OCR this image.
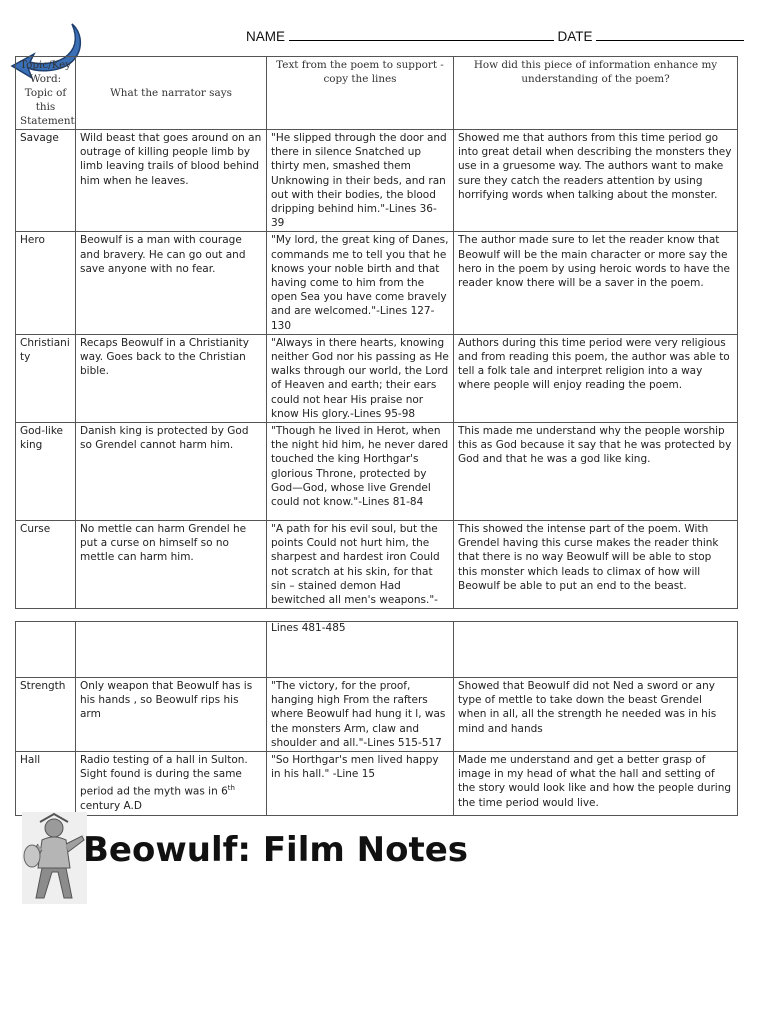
NAME	DATE
Topic/Key Word: Topic of this Statement	What the narrator says	Text from the poem to support - copy the lines	How did this piece of information enhance my understanding of the poem?
Savage	Wild beast that goes around on an outrage of killing people limb by limb leaving trails of blood behind him when he leaves.	"He slipped through the door and there in silence Snatched up thirty men, smashed them Unknowing in their beds, and ran out with their bodies, the blood dripping behind him."-Lines 36-39	Showed me that authors from this time period go into great detail when describing the monsters they use in a gruesome way. The authors want to make sure they catch the readers attention by using horrifying words when talking about the monster.
Hero	Beowulf is a man with courage and bravery. He can go out and save anyone with no fear.	"My lord, the great king of Danes, commands me to tell you that he knows your noble birth and that having come to him from the open Sea you have come bravely and are welcomed."-Lines 127-130	The author made sure to let the reader know that Beowulf will be the main character or more say the hero in the poem by using heroic words to have the reader know there will be a saver in the poem.
Christianity	Recaps Beowulf in a Christianity way. Goes back to the Christian bible.	"Always in there hearts, knowing neither God nor his passing as He walks through our world, the Lord of Heaven and earth; their ears could not hear His praise nor know His glory.-Lines 95-98	Authors during this time period were very religious and from reading this poem, the author was able to tell a folk tale and interpret religion into a way where people will enjoy reading the poem.
God-like king	Danish king is protected by God so Grendel cannot harm him.	"Though he lived in Herot, when the night hid him, he never dared touched the king Horthgar's glorious Throne, protected by God—God, whose live Grendel could not know."-Lines 81-84	This made me understand why the people worship this as God because it say that he was protected by God and that he was a god like king.
Curse	No mettle can harm Grendel he put a curse on himself so no mettle can harm him.	"A path for his evil soul, but the points Could not hurt him, the sharpest and hardest iron Could not scratch at his skin, for that sin – stained demon Had bewitched all men's weapons."-	This showed the intense part of the poem. With Grendel having this curse makes the reader think that there is no way Beowulf will be able to stop this monster which leads to climax of how will Beowulf be able to put an end to the beast.
		Lines 481-485	
Strength	Only weapon that Beowulf has is his hands , so Beowulf rips his arm	"The victory, for the proof, hanging high From the rafters where Beowulf had hung it l, was the monsters Arm, claw and shoulder and all."-Lines 515-517	Showed that Beowulf did not Ned a sword or any type of mettle to take down the beast Grendel when in all, all the strength he needed was in his mind and hands
Hall	Radio testing of a hall in Sulton. Sight found is during the same period ad the myth was in 6th century A.D	"So Horthgar's men lived happy in his hall." -Line 15	Made me understand and get a better grasp of image in my head of what the hall and setting of the story would look like and how the people during the time period would live.
Beowulf: Film Notes
